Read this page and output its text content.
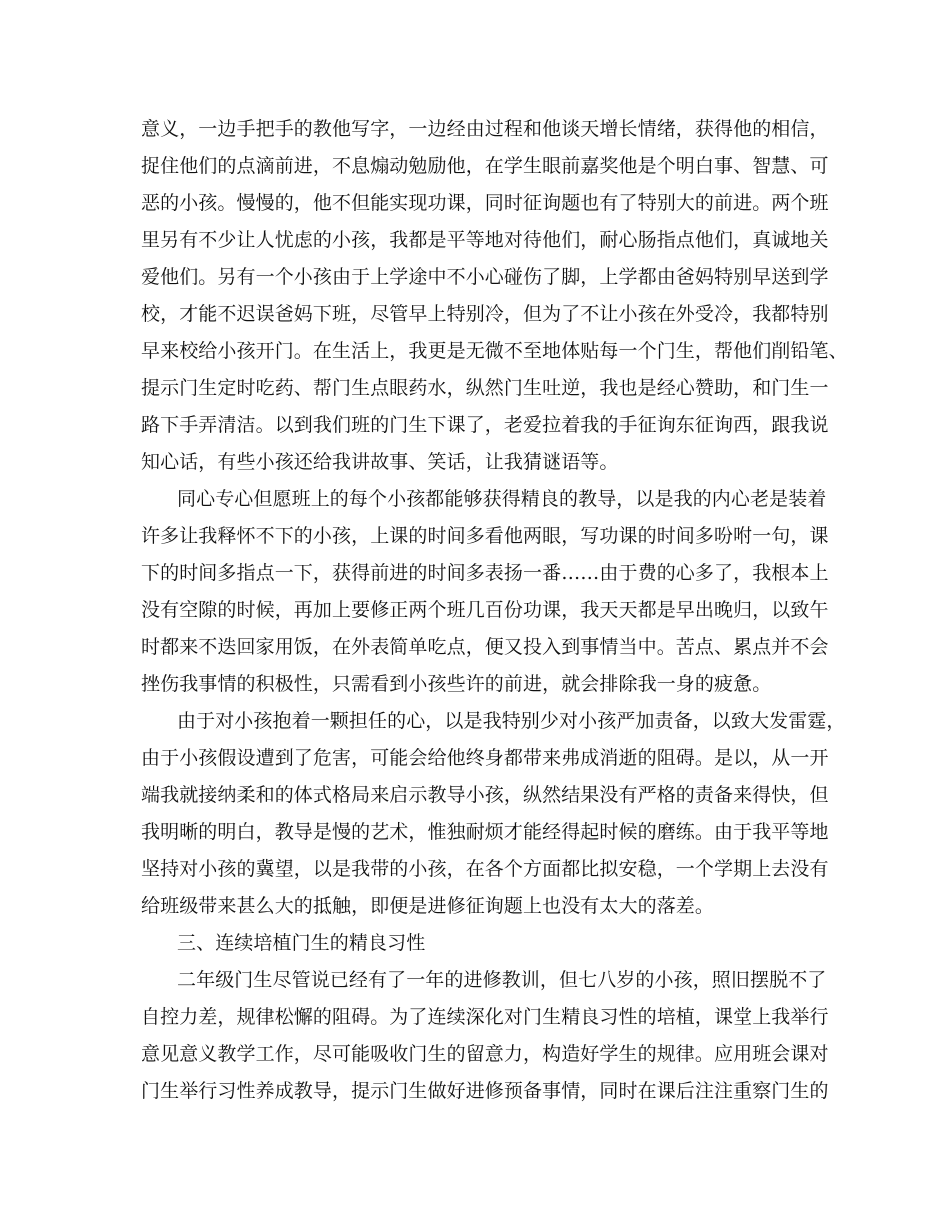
意义，一边手把手的教他写字，一边经由过程和他谈天增长情绪，获得他的相信，
捉住他们的点滴前进，不息煽动勉励他，在学生眼前嘉奖他是个明白事、智慧、可
恶的小孩。慢慢的，他不但能实现功课，同时征询题也有了特别大的前进。两个班
里另有不少让人忧虑的小孩，我都是平等地对待他们，耐心肠指点他们，真诚地关
爱他们。另有一个小孩由于上学途中不小心碰伤了脚，上学都由爸妈特别早送到学
校，才能不迟误爸妈下班，尽管早上特别冷，但为了不让小孩在外受冷，我都特别
早来校给小孩开门。在生活上，我更是无微不至地体贴每一个门生，帮他们削铅笔、
提示门生定时吃药、帮门生点眼药水，纵然门生吐逆，我也是经心赞助，和门生一
路下手弄清洁。以到我们班的门生下课了，老爱拉着我的手征询东征询西，跟我说
知心话，有些小孩还给我讲故事、笑话，让我猜谜语等。
同心专心但愿班上的每个小孩都能够获得精良的教导，以是我的内心老是装着
许多让我释怀不下的小孩，上课的时间多看他两眼，写功课的时间多吩咐一句，课
下的时间多指点一下，获得前进的时间多表扬一番……由于费的心多了，我根本上
没有空隙的时候，再加上要修正两个班几百份功课，我天天都是早出晚归，以致午
时都来不迭回家用饭，在外表简单吃点，便又投入到事情当中。苦点、累点并不会
挫伤我事情的积极性，只需看到小孩些许的前进，就会排除我一身的疲惫。
由于对小孩抱着一颗担任的心，以是我特别少对小孩严加责备，以致大发雷霆，
由于小孩假设遭到了危害，可能会给他终身都带来弗成消逝的阻碍。是以，从一开
端我就接纳柔和的体式格局来启示教导小孩，纵然结果没有严格的责备来得快，但
我明晰的明白，教导是慢的艺术，惟独耐烦才能经得起时候的磨练。由于我平等地
坚持对小孩的冀望，以是我带的小孩，在各个方面都比拟安稳，一个学期上去没有
给班级带来甚么大的抵触，即便是进修征询题上也没有太大的落差。
三、连续培植门生的精良习性
二年级门生尽管说已经有了一年的进修教训，但七八岁的小孩，照旧摆脱不了
自控力差，规律松懈的阻碍。为了连续深化对门生精良习性的培植，课堂上我举行
意见意义教学工作，尽可能吸收门生的留意力，构造好学生的规律。应用班会课对
门生举行习性养成教导，提示门生做好进修预备事情，同时在课后注注重察门生的
